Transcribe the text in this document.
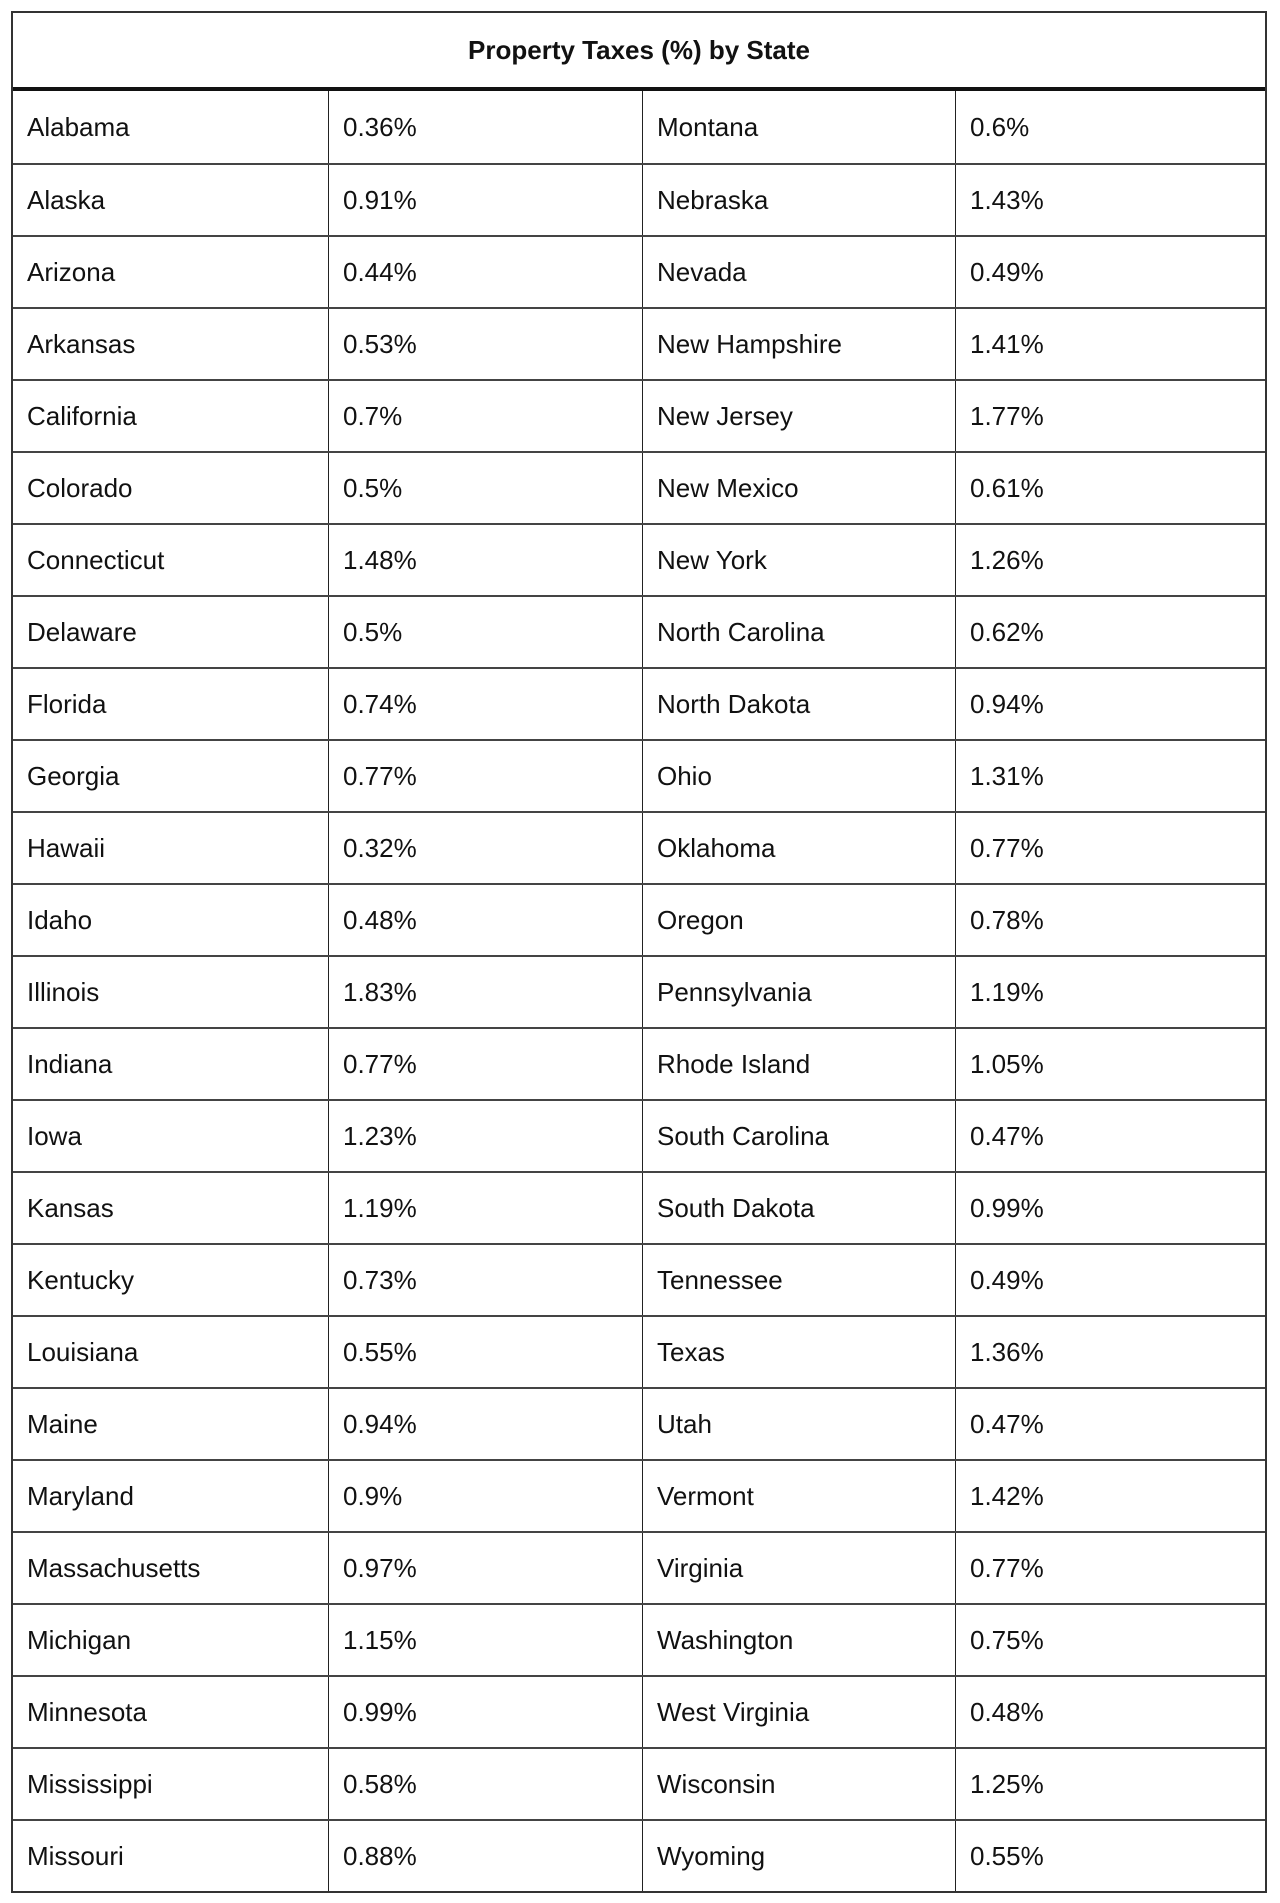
Property Taxes (%) by State
Alabama	0.36%	Montana	0.6%
Alaska	0.91%	Nebraska	1.43%
Arizona	0.44%	Nevada	0.49%
Arkansas	0.53%	New Hampshire	1.41%
California	0.7%	New Jersey	1.77%
Colorado	0.5%	New Mexico	0.61%
Connecticut	1.48%	New York	1.26%
Delaware	0.5%	North Carolina	0.62%
Florida	0.74%	North Dakota	0.94%
Georgia	0.77%	Ohio	1.31%
Hawaii	0.32%	Oklahoma	0.77%
Idaho	0.48%	Oregon	0.78%
Illinois	1.83%	Pennsylvania	1.19%
Indiana	0.77%	Rhode Island	1.05%
Iowa	1.23%	South Carolina	0.47%
Kansas	1.19%	South Dakota	0.99%
Kentucky	0.73%	Tennessee	0.49%
Louisiana	0.55%	Texas	1.36%
Maine	0.94%	Utah	0.47%
Maryland	0.9%	Vermont	1.42%
Massachusetts	0.97%	Virginia	0.77%
Michigan	1.15%	Washington	0.75%
Minnesota	0.99%	West Virginia	0.48%
Mississippi	0.58%	Wisconsin	1.25%
Missouri	0.88%	Wyoming	0.55%
